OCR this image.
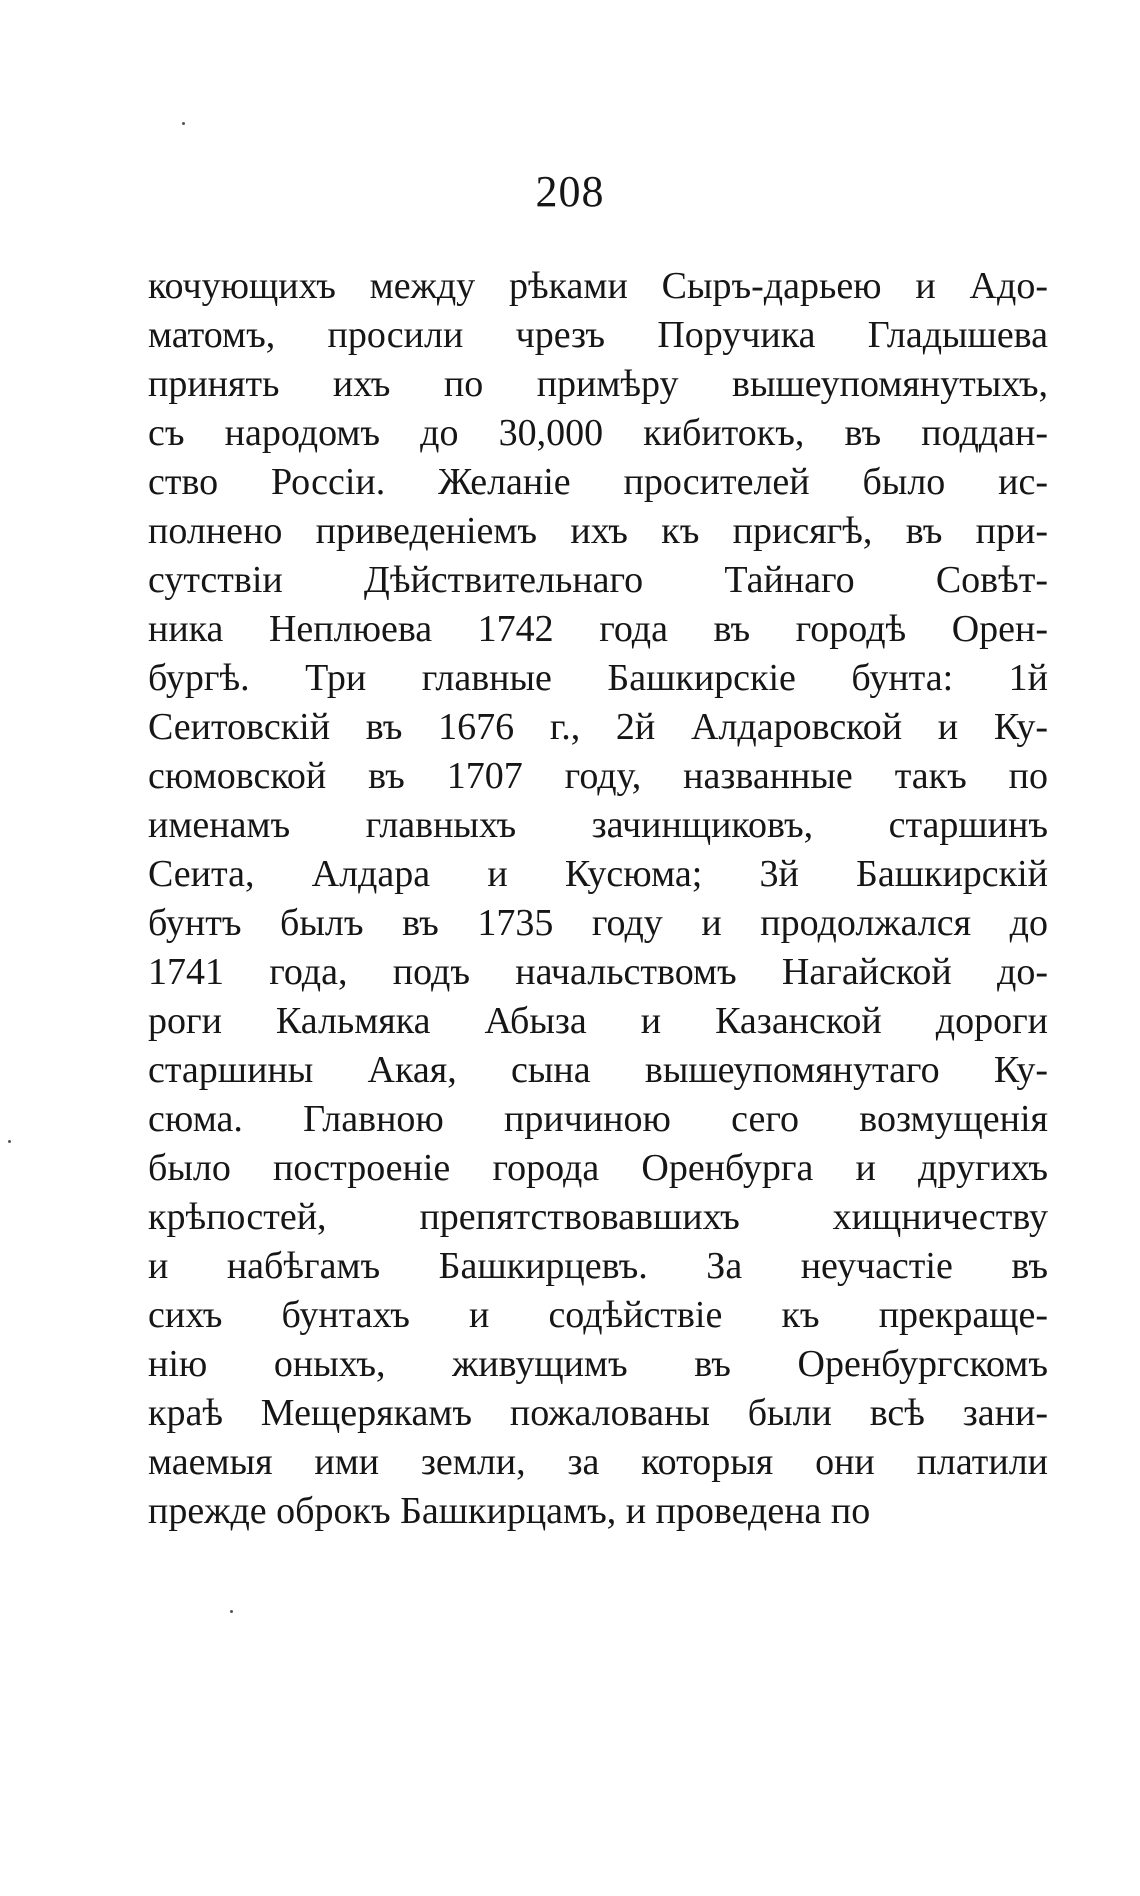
208
кочующихъ между рѣками Сыръ-дарьею и Адо-
матомъ, просили чрезъ Поручика Гладышева
принять ихъ по примѣру вышеупомянутыхъ,
съ народомъ до 30,000 кибитокъ, въ поддан-
ство Россіи. Желаніе просителей было ис-
полнено приведеніемъ ихъ къ присягѣ, въ при-
сутствіи Дѣйствительнаго Тайнаго Совѣт-
ника Неплюева 1742 года въ городѣ Орен-
бургѣ. Три главные Башкирскіе бунта: 1й
Сеитовскій въ 1676 г., 2й Алдаровской и Ку-
сюмовской въ 1707 году, названные такъ по
именамъ главныхъ зачинщиковъ, старшинъ
Сеита, Алдара и Кусюма; 3й Башкирскій
бунтъ былъ въ 1735 году и продолжался до
1741 года, подъ начальствомъ Нагайской до-
роги Кальмяка Абыза и Казанской дороги
старшины Акая, сына вышеупомянутаго Ку-
сюма. Главною причиною сего возмущенія
было построеніе города Оренбурга и другихъ
крѣпостей, препятствовавшихъ хищничеству
и набѣгамъ Башкирцевъ. За неучастіе въ
сихъ бунтахъ и содѣйствіе къ прекраще-
нію оныхъ, живущимъ въ Оренбургскомъ
краѣ Мещерякамъ пожалованы были всѣ зани-
маемыя ими земли, за которыя они платили
прежде оброкъ Башкирцамъ, и проведена по
